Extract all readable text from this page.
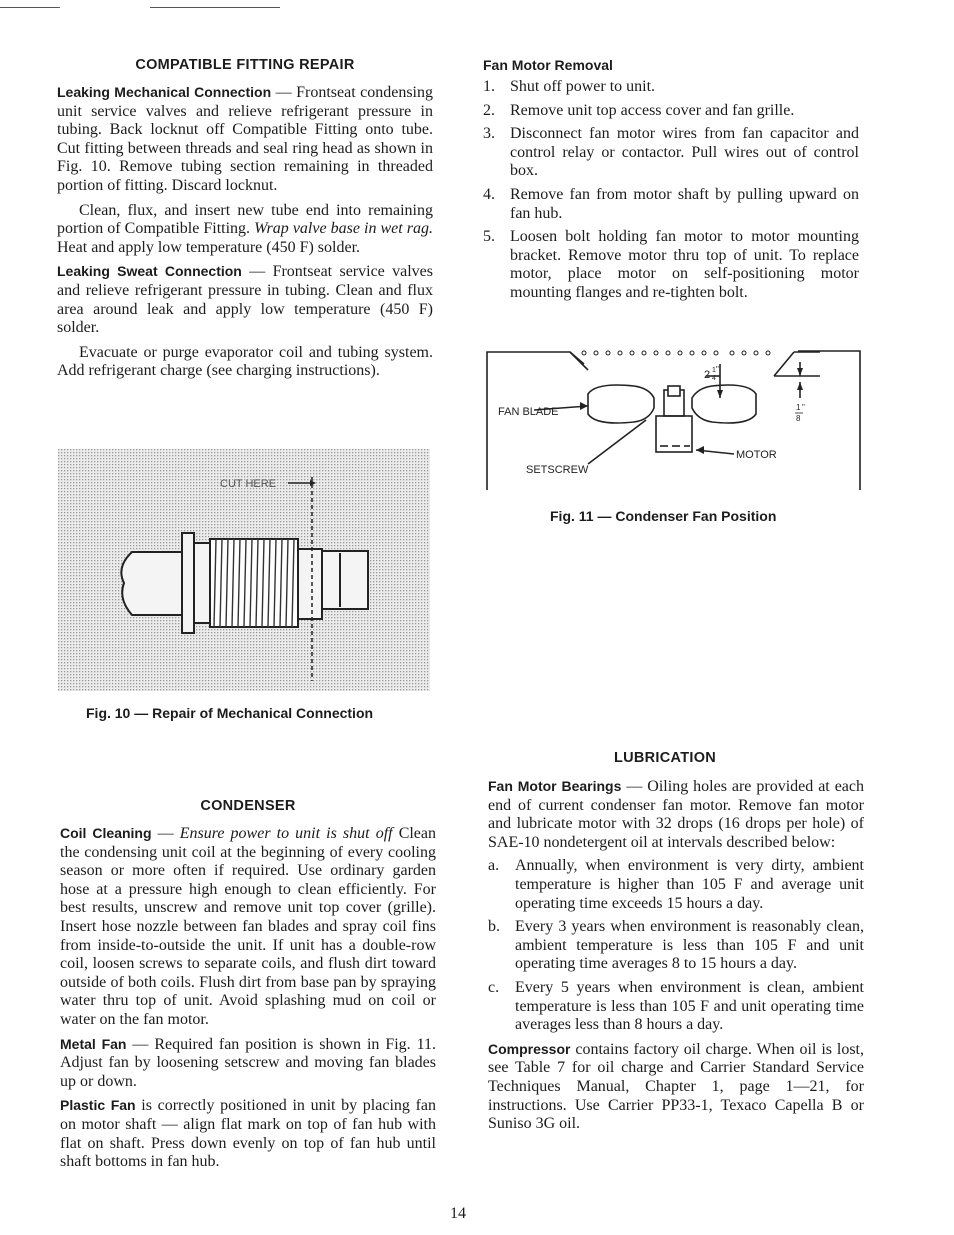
COMPATIBLE FITTING REPAIR

Leaking Mechanical Connection — Frontseat condensing unit service valves and relieve refrigerant pressure in tubing. Back locknut off Compatible Fitting onto tube. Cut fitting between threads and seal ring head as shown in Fig. 10. Remove tubing section remaining in threaded portion of fitting. Discard locknut.

Clean, flux, and insert new tube end into remaining portion of Compatible Fitting. Wrap valve base in wet rag. Heat and apply low temperature (450 F) solder.

Leaking Sweat Connection — Frontseat service valves and relieve refrigerant pressure in tubing. Clean and flux area around leak and apply low temperature (450 F) solder.

Evacuate or purge evaporator coil and tubing system. Add refrigerant charge (see charging instructions).

CUT HERE
Fig. 10 — Repair of Mechanical Connection
CONDENSER

Coil Cleaning — Ensure power to unit is shut off Clean the condensing unit coil at the beginning of every cooling season or more often if required. Use ordinary garden hose at a pressure high enough to clean efficiently. For best results, unscrew and remove unit top cover (grille). Insert hose nozzle between fan blades and spray coil fins from inside-to-outside the unit. If unit has a double-row coil, loosen screws to separate coils, and flush dirt toward outside of both coils. Flush dirt from base pan by spraying water thru top of unit. Avoid splashing mud on coil or water on the fan motor.

Metal Fan — Required fan position is shown in Fig. 11. Adjust fan by loosening setscrew and moving fan blades up or down.

Plastic Fan is correctly positioned in unit by placing fan on motor shaft — align flat mark on top of fan hub with flat on shaft. Press down evenly on top of fan hub until shaft bottoms in fan hub.

Fan Motor Removal
1. Shut off power to unit.
2. Remove unit top access cover and fan grille.
3. Disconnect fan motor wires from fan capacitor and control relay or contactor. Pull wires out of control box.
4. Remove fan from motor shaft by pulling upward on fan hub.
5. Loosen bolt holding fan motor to motor mounting bracket. Remove motor thru top of unit. To replace motor, place motor on self-positioning motor mounting flanges and re-tighten bolt.
FAN BLADE
SETSCREW
MOTOR
2 1
4
"
1 "
8
Fig. 11 — Condenser Fan Position
LUBRICATION

Fan Motor Bearings — Oiling holes are provided at each end of current condenser fan motor. Remove fan motor and lubricate motor with 32 drops (16 drops per hole) of SAE-10 nondetergent oil at intervals described below:

a. Annually, when environment is very dirty, ambient temperature is higher than 105 F and average unit operating time exceeds 15 hours a day.
b. Every 3 years when environment is reasonably clean, ambient temperature is less than 105 F and unit operating time averages 8 to 15 hours a day.
c. Every 5 years when environment is clean, ambient temperature is less than 105 F and unit operating time averages less than 8 hours a day.

Compressor contains factory oil charge. When oil is lost, see Table 7 for oil charge and Carrier Standard Service Techniques Manual, Chapter 1, page 1—21, for instructions. Use Carrier PP33-1, Texaco Capella B or Suniso 3G oil.

14
